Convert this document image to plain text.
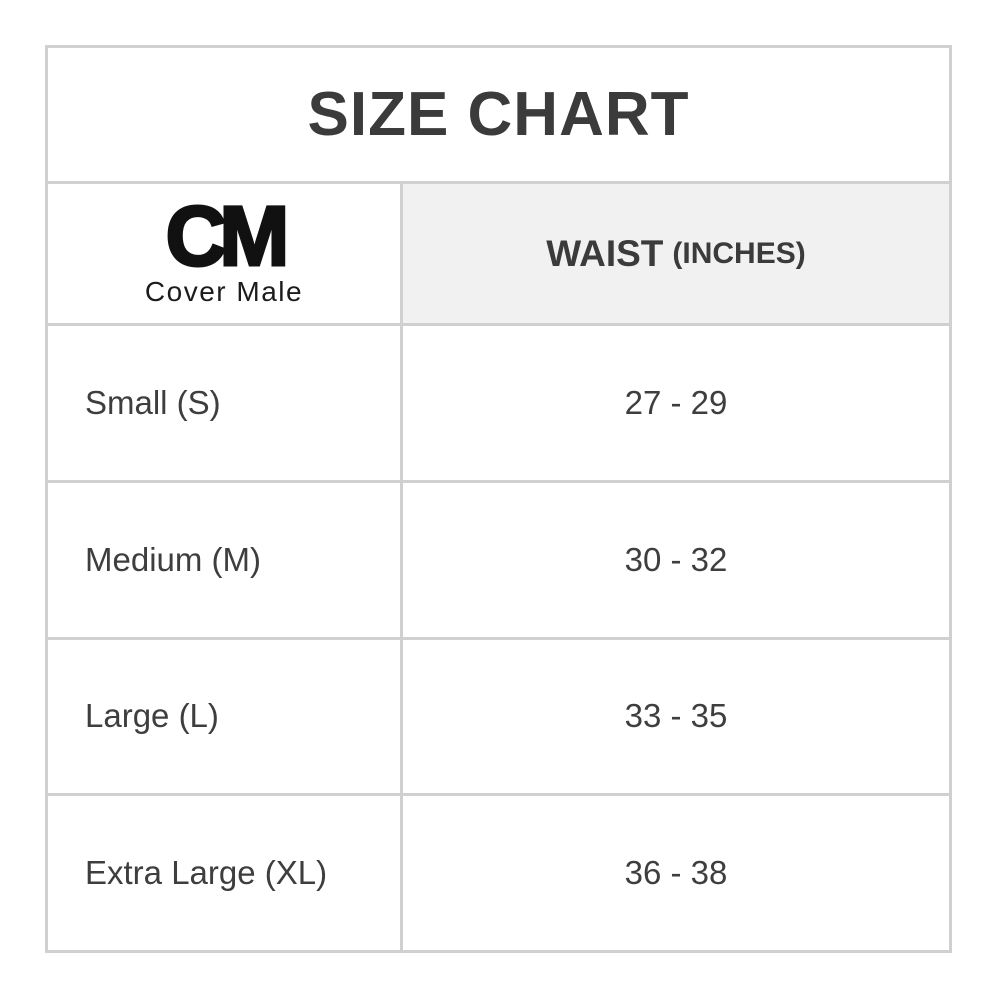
SIZE CHART
CM
Cover Male
WAIST (INCHES)
Small (S)	27 - 29
Medium (M)	30 - 32
Large (L)	33 - 35
Extra Large (XL)	36 - 38
